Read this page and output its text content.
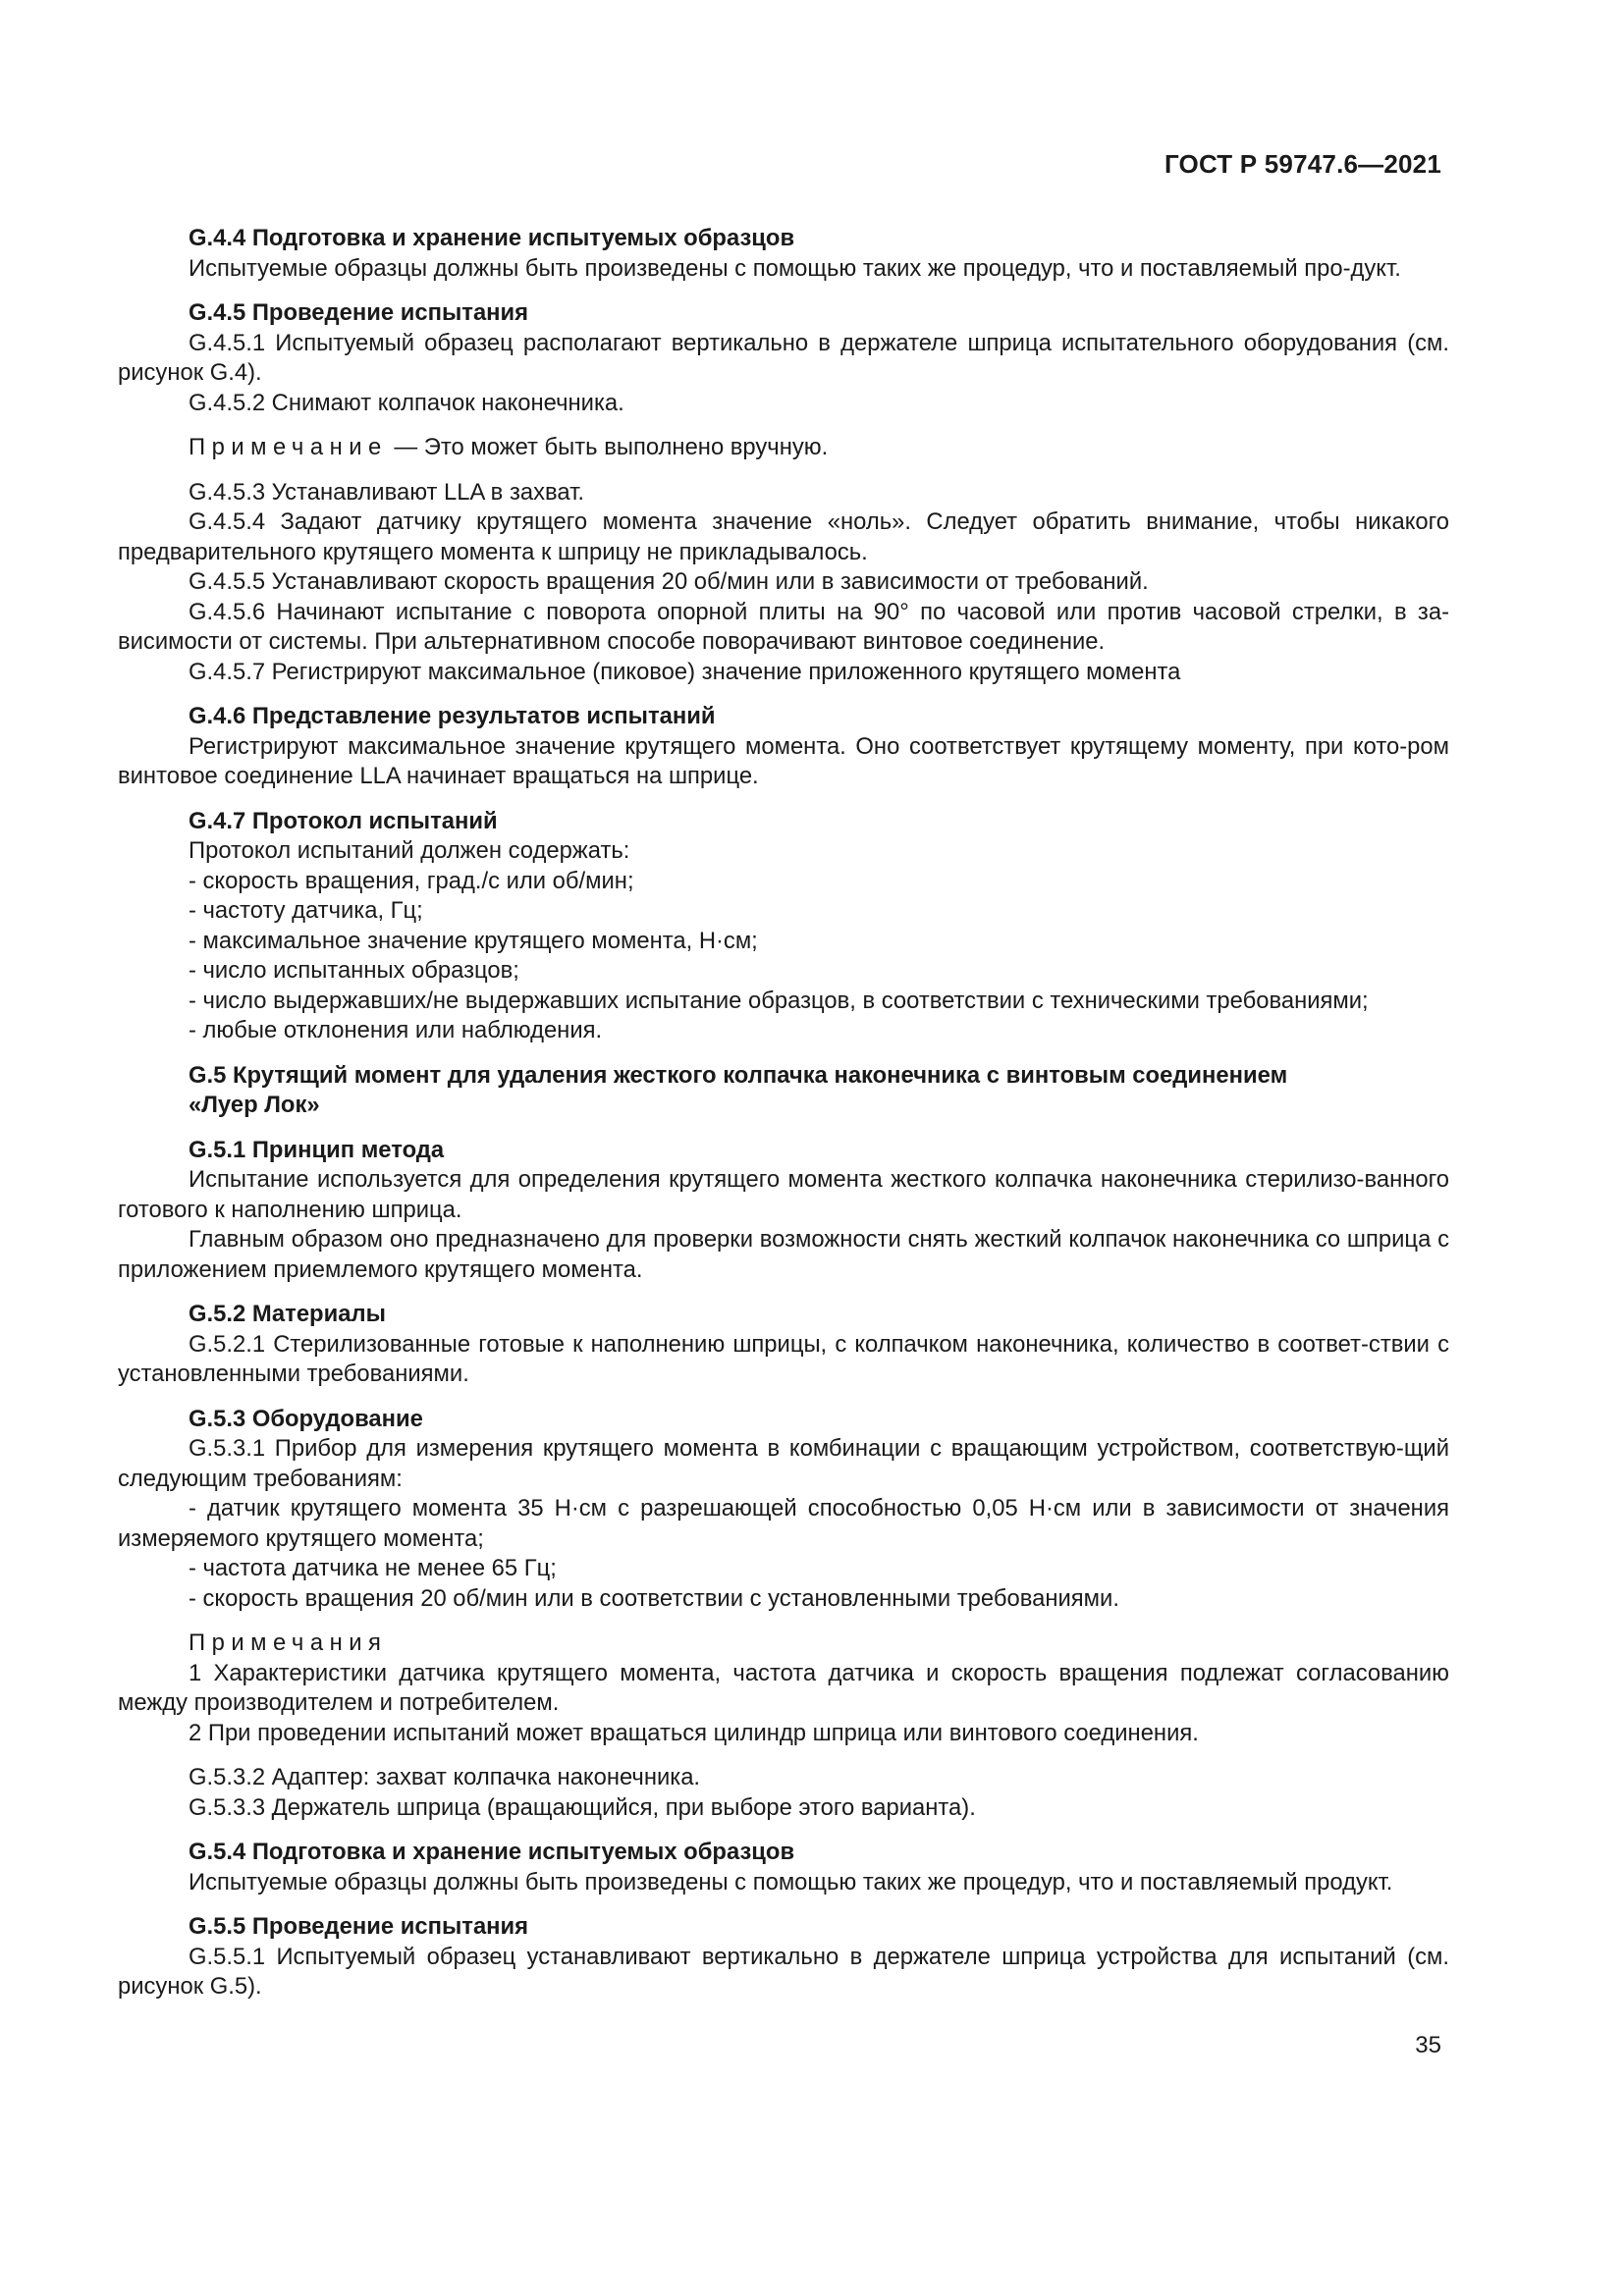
ГОСТ Р 59747.6—2021

G.4.4 Подготовка и хранение испытуемых образцов

Испытуемые образцы должны быть произведены с помощью таких же процедур, что и поставляемый про-дукт.

G.4.5 Проведение испытания

G.4.5.1 Испытуемый образец располагают вертикально в держателе шприца испытательного оборудования (см. рисунок G.4).

G.4.5.2 Снимают колпачок наконечника.

Примечание — Это может быть выполнено вручную.

G.4.5.3 Устанавливают LLA в захват.

G.4.5.4 Задают датчику крутящего момента значение «ноль». Следует обратить внимание, чтобы никакого предварительного крутящего момента к шприцу не прикладывалось.

G.4.5.5 Устанавливают скорость вращения 20 об/мин или в зависимости от требований.

G.4.5.6 Начинают испытание с поворота опорной плиты на 90° по часовой или против часовой стрелки, в за-висимости от системы. При альтернативном способе поворачивают винтовое соединение.

G.4.5.7 Регистрируют максимальное (пиковое) значение приложенного крутящего момента

G.4.6 Представление результатов испытаний

Регистрируют максимальное значение крутящего момента. Оно соответствует крутящему моменту, при кото-ром винтовое соединение LLA начинает вращаться на шприце.

G.4.7 Протокол испытаний

Протокол испытаний должен содержать:

- скорость вращения, град./с или об/мин;

- частоту датчика, Гц;

- максимальное значение крутящего момента, Н·см;

- число испытанных образцов;

- число выдержавших/не выдержавших испытание образцов, в соответствии с техническими требованиями;

- любые отклонения или наблюдения.

G.5 Крутящий момент для удаления жесткого колпачка наконечника с винтовым соединением

«Луер Лок»

G.5.1 Принцип метода

Испытание используется для определения крутящего момента жесткого колпачка наконечника стерилизо-ванного готового к наполнению шприца.

Главным образом оно предназначено для проверки возможности снять жесткий колпачок наконечника со шприца с приложением приемлемого крутящего момента.

G.5.2 Материалы

G.5.2.1 Стерилизованные готовые к наполнению шприцы, с колпачком наконечника, количество в соответ-ствии с установленными требованиями.

G.5.3 Оборудование

G.5.3.1 Прибор для измерения крутящего момента в комбинации с вращающим устройством, соответствую-щий следующим требованиям:

- датчик крутящего момента 35 Н·см с разрешающей способностью 0,05 Н·см или в зависимости от значения измеряемого крутящего момента;

- частота датчика не менее 65 Гц;

- скорость вращения 20 об/мин или в соответствии с установленными требованиями.

Примечания

1 Характеристики датчика крутящего момента, частота датчика и скорость вращения подлежат согласованию между производителем и потребителем.

2 При проведении испытаний может вращаться цилиндр шприца или винтового соединения.

G.5.3.2 Адаптер: захват колпачка наконечника.

G.5.3.3 Держатель шприца (вращающийся, при выборе этого варианта).

G.5.4 Подготовка и хранение испытуемых образцов

Испытуемые образцы должны быть произведены с помощью таких же процедур, что и поставляемый продукт.

G.5.5 Проведение испытания

G.5.5.1 Испытуемый образец устанавливают вертикально в держателе шприца устройства для испытаний (см. рисунок G.5).

35
